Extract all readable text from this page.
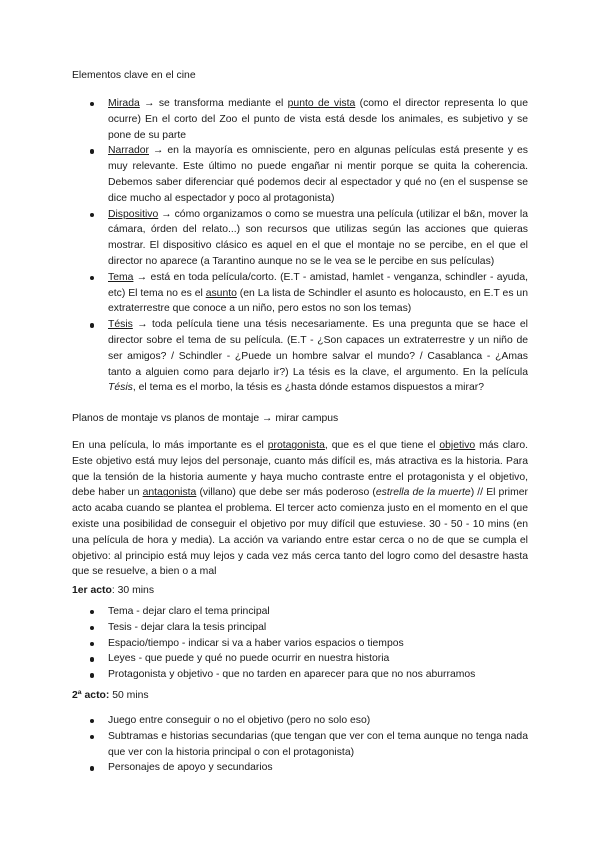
Elementos clave en el cine

Mirada → se transforma mediante el punto de vista (como el director representa lo que ocurre) En el corto del Zoo el punto de vista está desde los animales, es subjetivo y se pone de su parte
Narrador → en la mayoría es omnisciente, pero en algunas películas está presente y es muy relevante. Este último no puede engañar ni mentir porque se quita la coherencia. Debemos saber diferenciar qué podemos decir al espectador y qué no (en el suspense se dice mucho al espectador y poco al protagonista)
Dispositivo → cómo organizamos o como se muestra una película (utilizar el b&n, mover la cámara, órden del relato...) son recursos que utilizas según las acciones que quieras mostrar. El dispositivo clásico es aquel en el que el montaje no se percibe, en el que el director no aparece (a Tarantino aunque no se le vea se le percibe en sus películas)
Tema → está en toda película/corto. (E.T - amistad, hamlet - venganza, schindler - ayuda, etc) El tema no es el asunto (en La lista de Schindler el asunto es holocausto, en E.T es un extraterrestre que conoce a un niño, pero estos no son los temas)
Tésis → toda película tiene una tésis necesariamente. Es una pregunta que se hace el director sobre el tema de su película. (E.T - ¿Son capaces un extraterrestre y un niño de ser amigos? / Schindler - ¿Puede un hombre salvar el mundo? / Casablanca - ¿Amas tanto a alguien como para dejarlo ir?) La tésis es la clave, el argumento. En la película Tésis, el tema es el morbo, la tésis es ¿hasta dónde estamos dispuestos a mirar?

Planos de montaje vs planos de montaje → mirar campus

En una película, lo más importante es el protagonista, que es el que tiene el objetivo más claro. Este objetivo está muy lejos del personaje, cuanto más difícil es, más atractiva es la historia. Para que la tensión de la historia aumente y haya mucho contraste entre el protagonista y el objetivo, debe haber un antagonista (villano) que debe ser más poderoso (estrella de la muerte) // El primer acto acaba cuando se plantea el problema. El tercer acto comienza justo en el momento en el que existe una posibilidad de conseguir el objetivo por muy difícil que estuviese. 30 - 50 - 10 mins (en una película de hora y media). La acción va variando entre estar cerca o no de que se cumpla el objetivo: al principio está muy lejos y cada vez más cerca tanto del logro como del desastre hasta que se resuelve, a bien o a mal

1er acto: 30 mins

Tema - dejar claro el tema principal
Tesis - dejar clara la tesis principal
Espacio/tiempo - indicar si va a haber varios espacios o tiempos
Leyes - que puede y qué no puede ocurrir en nuestra historia
Protagonista y objetivo - que no tarden en aparecer para que no nos aburramos

2ª acto: 50 mins

Juego entre conseguir o no el objetivo (pero no solo eso)
Subtramas e historias secundarias (que tengan que ver con el tema aunque no tenga nada que ver con la historia principal o con el protagonista)
Personajes de apoyo y secundarios
